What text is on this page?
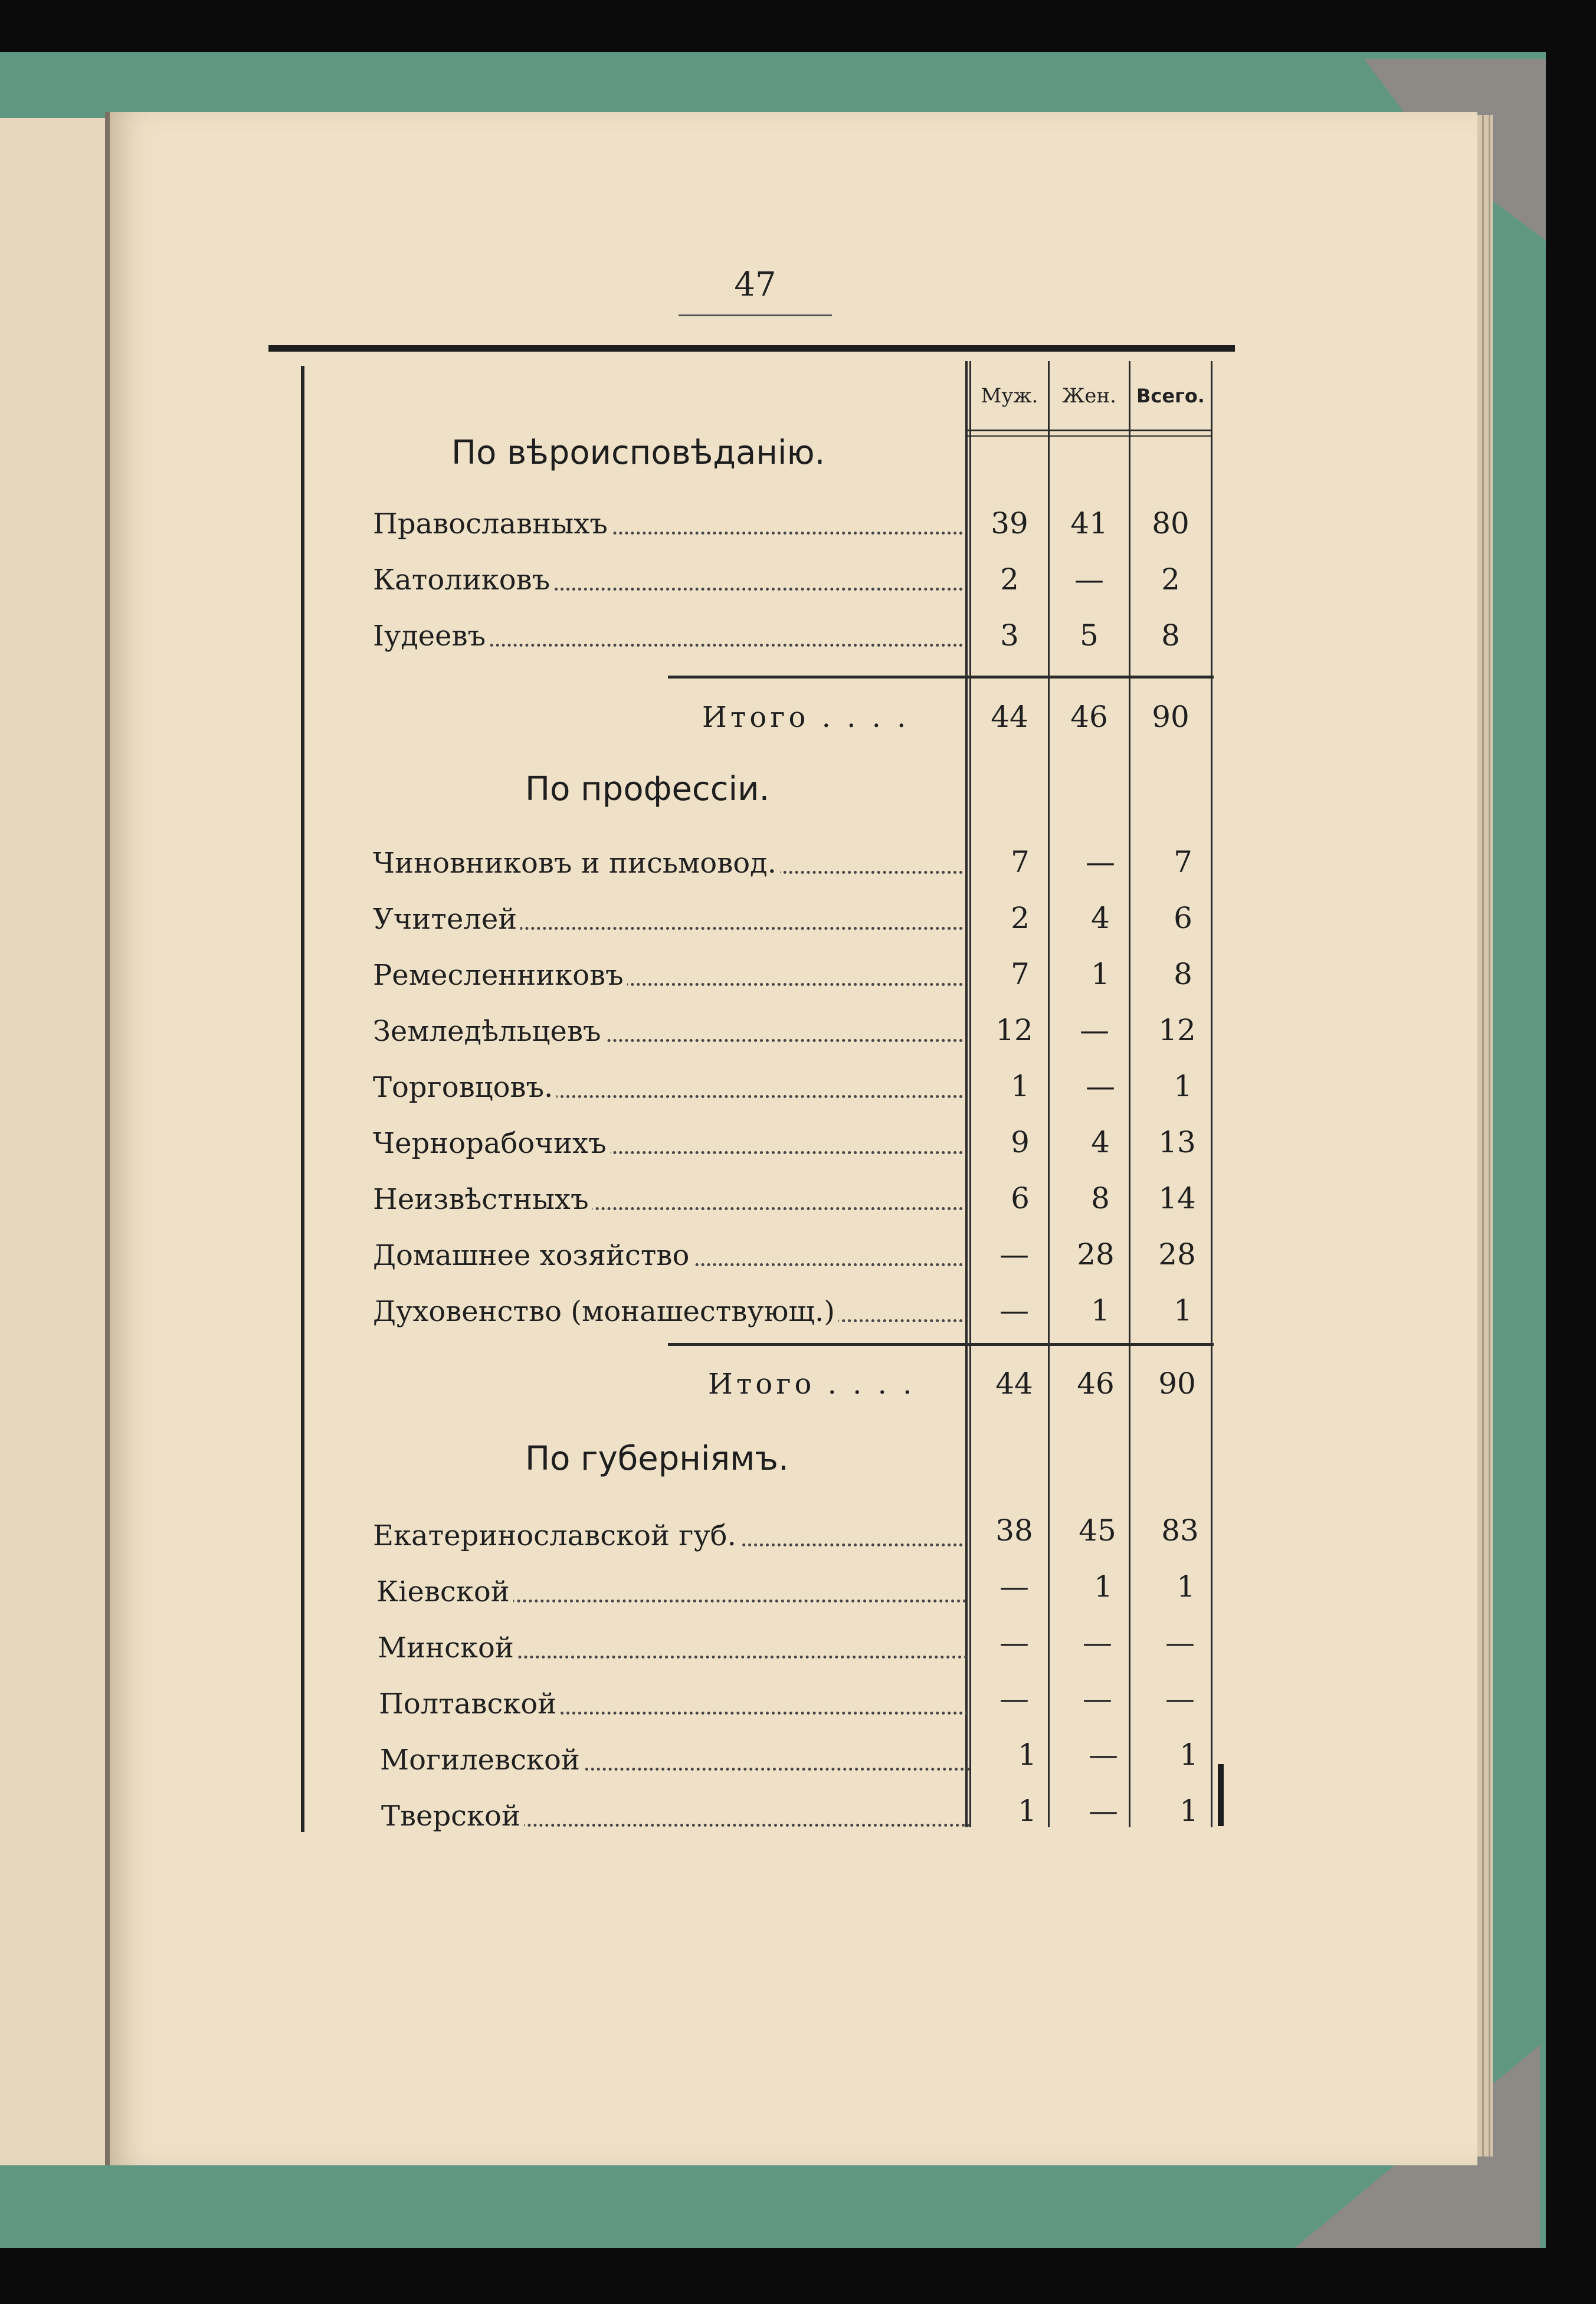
47
Муж.	Жен.	Всего.
По вѣроисповѣданію.
Православныхъ	39	41	80
Католиковъ	2	—	2
Іудеевъ	3	5	8
Итого . . . .	44	46	90
По профессіи.
Чиновниковъ и письмовод.	7	—	7
Учителей	2	4	6
Ремесленниковъ	7	1	8
Земледѣльцевъ	12	—	12
Торговцовъ.	1	—	1
Чернорабочихъ	9	4	13
Неизвѣстныхъ	6	8	14
Домашнее хозяйство	—	28	28
Духовенство (монашествующ.)	—	1	1
Итого . . . .	44	46	90
По губерніямъ.
Екатеринославской губ.	38	45	83
Кіевской	—	1	1
Минской	—	—	—
Полтавской	—	—	—
Могилевской	1	—	1
Тверской	1	—	1
